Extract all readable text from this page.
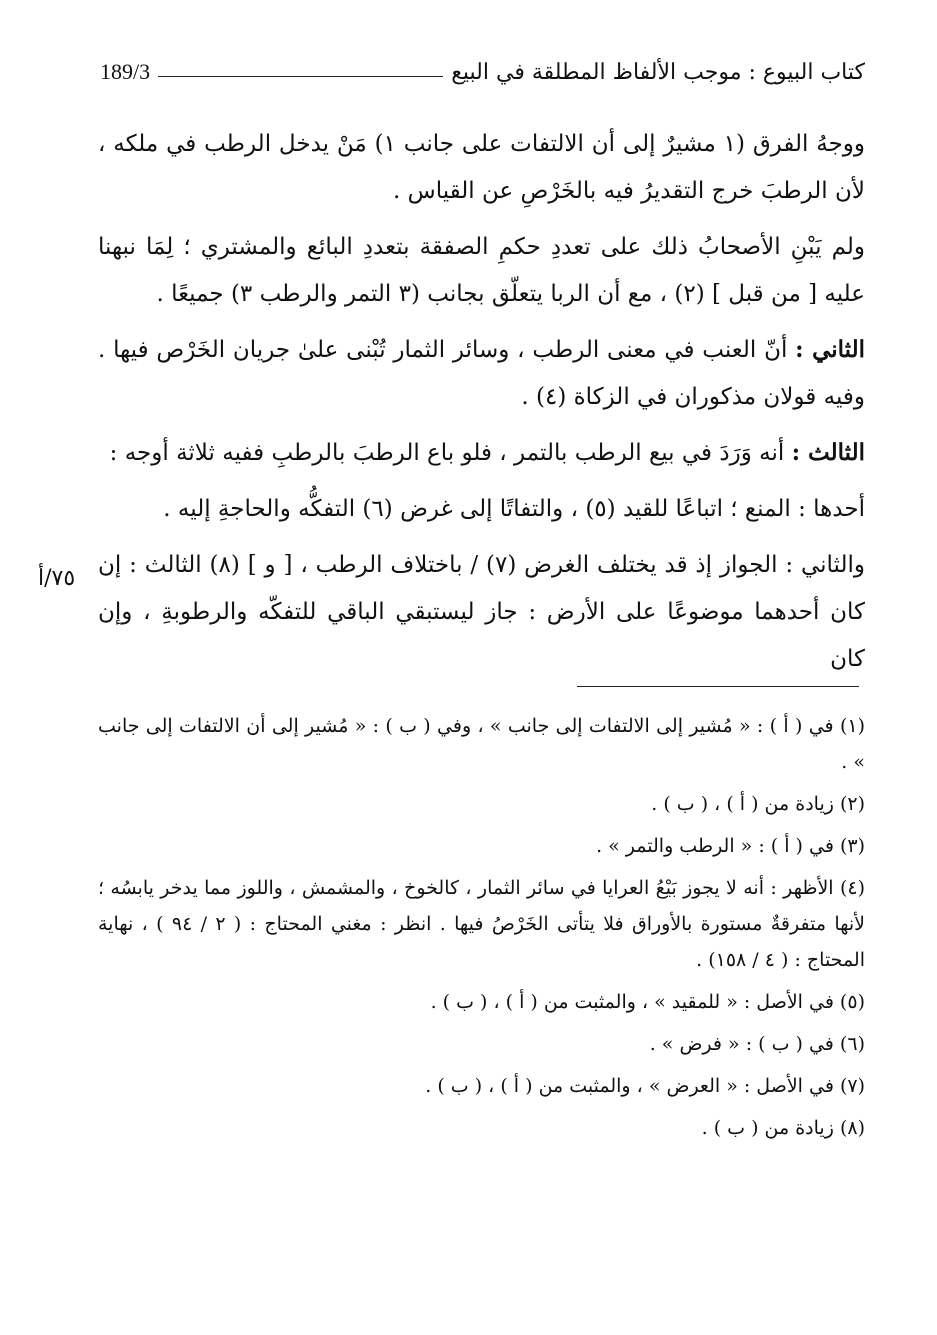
كتاب البيوع : موجب الألفاظ المطلقة في البيع
189/3
٧٥/أ

ووجهُ الفرق (١ مشيرٌ إلى أن الالتفات على جانب ١) مَنْ يدخل الرطب في ملكه ، لأن الرطبَ خرج التقديرُ فيه بالخَرْصِ عن القياس .

ولم يَبْنِ الأصحابُ ذلك على تعددِ حكمِ الصفقة بتعددِ البائع والمشتري ؛ لِمَا نبهنا عليه [ من قبل ] (٢) ، مع أن الربا يتعلّق بجانب (٣ التمر والرطب ٣) جميعًا .

الثاني : أنّ العنب في معنى الرطب ، وسائر الثمار تُبْنى علىٰ جريان الخَرْص فيها . وفيه قولان مذكوران في الزكاة (٤) .

الثالث : أنه وَرَدَ في بيع الرطب بالتمر ، فلو باع الرطبَ بالرطبِ ففيه ثلاثة أوجه :

أحدها : المنع ؛ اتباعًا للقيد (٥) ، والتفاتًا إلى غرض (٦) التفكُّه والحاجةِ إليه .

والثاني : الجواز إذ قد يختلف الغرض (٧) / باختلاف الرطب ، [ و ] (٨) الثالث : إن كان أحدهما موضوعًا على الأرض : جاز ليستبقي الباقي للتفكّه والرطوبةِ ، وإن كان

(١) في ( أ ) : « مُشير إلى الالتفات إلى جانب » ، وفي ( ب ) : « مُشير إلى أن الالتفات إلى جانب » .

(٢) زيادة من ( أ ) ، ( ب ) .

(٣) في ( أ ) : « الرطب والتمر » .

(٤) الأظهر : أنه لا يجوز بَيْعُ العرايا في سائر الثمار ، كالخوخ ، والمشمش ، واللوز مما يدخر يابسُه ؛ لأنها متفرقةٌ مستورة بالأوراق فلا يتأتى الخَرْصُ فيها . انظر : مغني المحتاج : ( ٢ / ٩٤ ) ، نهاية المحتاج : ( ٤ / ١٥٨) .

(٥) في الأصل : « للمقيد » ، والمثبت من ( أ ) ، ( ب ) .

(٦) في ( ب ) : « فرض » .

(٧) في الأصل : « العرض » ، والمثبت من ( أ ) ، ( ب ) .

(٨) زيادة من ( ب ) .
